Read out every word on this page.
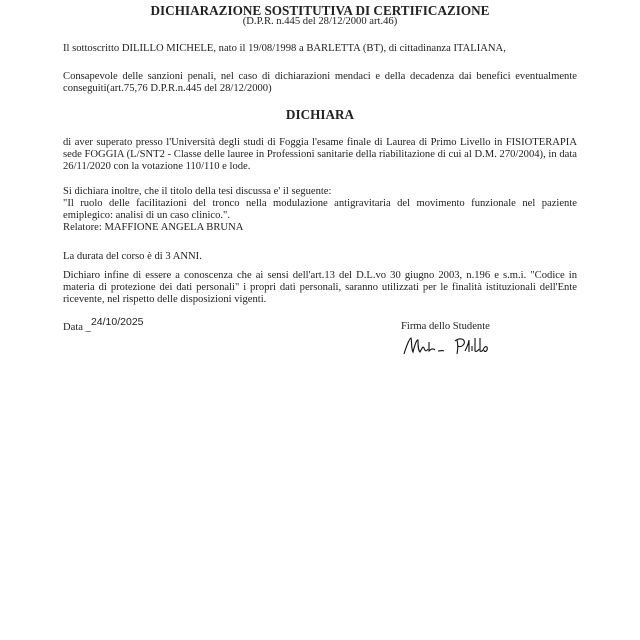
DICHIARAZIONE SOSTITUTIVA DI CERTIFICAZIONE
(D.P.R. n.445 del 28/12/2000 art.46)

Il sottoscritto DILILLO MICHELE, nato il 19/08/1998 a BARLETTA (BT), di cittadinanza ITALIANA,

Consapevole delle sanzioni penali, nel caso di dichiarazioni mendaci e della decadenza dai benefici eventualmente conseguiti(art.75,76 D.P.R.n.445 del 28/12/2000)

DICHIARA

di aver superato presso l'Università degli studi di Foggia l'esame finale di Laurea di Primo Livello in FISIOTERAPIA sede FOGGIA (L/SNT2 - Classe delle lauree in Professioni sanitarie della riabilitazione di cui al D.M. 270/2004), in data 26/11/2020 con la votazione 110/110 e lode.

Si dichiara inoltre, che il titolo della tesi discussa e' il seguente:

"Il ruolo delle facilitazioni del tronco nella modulazione antigravitaria del movimento funzionale nel paziente emiplegico: analisi di un caso clinico.".

Relatore: MAFFIONE ANGELA BRUNA

La durata del corso è di 3 ANNI.

Dichiaro infine di essere a conoscenza che ai sensi dell'art.13 del D.L.vo 30 giugno 2003, n.196 e s.m.i. "Codice in materia di protezione dei dati personali" i propri dati personali, saranno utilizzati per le finalità istituzionali dell'Ente ricevente, nel rispetto delle disposizioni vigenti.

Data _24/10/2025	Firma dello Studente
